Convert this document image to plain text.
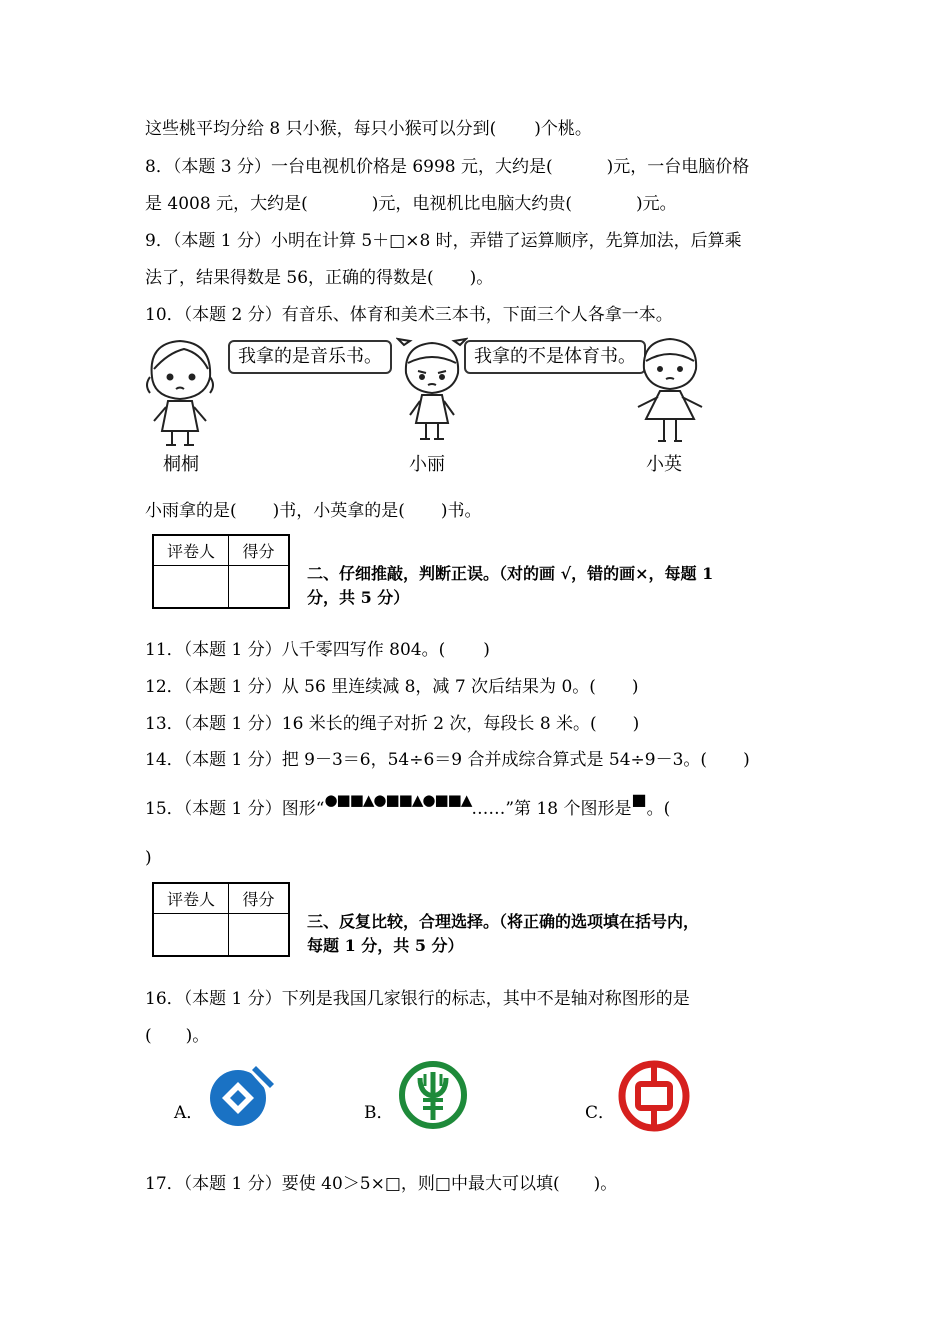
这些桃平均分给 8 只小猴，每只小猴可以分到( )个桃。
8．（本题 3 分）一台电视机价格是 6998 元，大约是(	)元，一台电脑价格
是 4008 元，大约是(	)元，电视机比电脑大约贵(	)元。
9．（本题 1 分）小明在计算 5＋□×8 时，弄错了运算顺序，先算加法，后算乘
法了，结果得数是 56，正确的得数是( )。
10．（本题 2 分）有音乐、体育和美术三本书，下面三个人各拿一本。
我拿的是音乐书。
桐桐
我拿的不是体育书。
小丽	小英
小雨拿的是( )书，小英拿的是( )书。
评卷人	得分
二、仔细推敲，判断正误。（对的画 √，错的画×，每题 1
分，共 5 分）
11．（本题 1 分）八千零四写作 804。( )
12．（本题 1 分）从 56 里连续减 8，减 7 次后结果为 0。( )
13．（本题 1 分）16 米长的绳子对折 2 次，每段长 8 米。( )
14．（本题 1 分）把 9－3＝6，54÷6＝9 合并成综合算式是 54÷9－3。( )
15．（本题 1 分）图形“●■■▲●■■▲●■■▲……”第 18 个图形是■。(
)
评卷人	得分
三、反复比较，合理选择。（将正确的选项填在括号内，
每题 1 分，共 5 分）
16．（本题 1 分）下列是我国几家银行的标志，其中不是轴对称图形的是
(　　)。
A．	B．	C．
17．（本题 1 分）要使 40＞5×□，则□中最大可以填(　　)。
